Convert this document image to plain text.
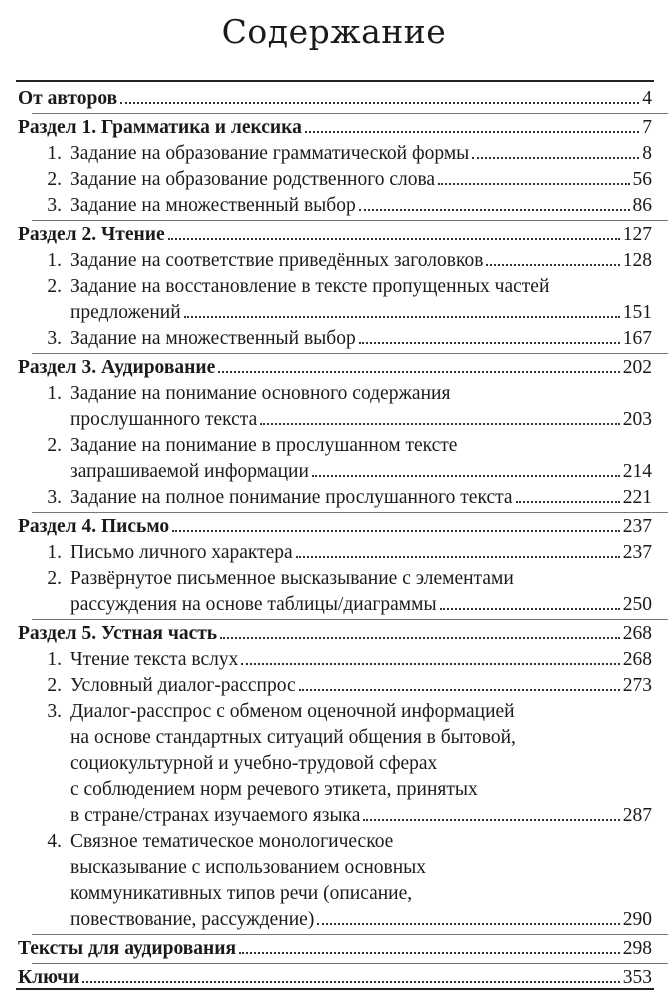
Содержание
От авторов	4
Раздел 1. Грамматика и лексика	7
1. Задание на образование грамматической формы	8
2. Задание на образование родственного слова	56
3. Задание на множественный выбор	86
Раздел 2. Чтение	127
1. Задание на соответствие приведённых заголовков	128
2. Задание на восстановление в тексте пропущенных частей
предложений	151
3. Задание на множественный выбор	167
Раздел 3. Аудирование	202
1. Задание на понимание основного содержания
прослушанного текста	203
2. Задание на понимание в прослушанном тексте
запрашиваемой информации	214
3. Задание на полное понимание прослушанного текста	221
Раздел 4. Письмо	237
1. Письмо личного характера	237
2. Развёрнутое письменное высказывание с элементами
рассуждения на основе таблицы/диаграммы	250
Раздел 5. Устная часть	268
1. Чтение текста вслух	268
2. Условный диалог-расспрос	273
3. Диалог-расспрос с обменом оценочной информацией
на основе стандартных ситуаций общения в бытовой,
социокультурной и учебно-трудовой сферах
с соблюдением норм речевого этикета, принятых
в стране/странах изучаемого языка	287
4. Связное тематическое монологическое
высказывание с использованием основных
коммуникативных типов речи (описание,
повествование, рассуждение)	290
Тексты для аудирования	298
Ключи	353
